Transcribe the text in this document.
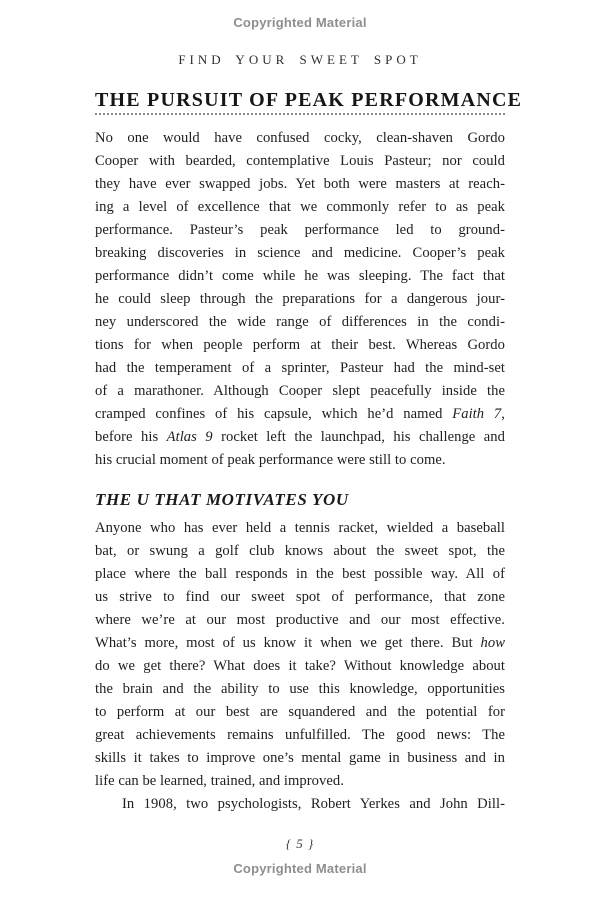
Copyrighted Material
FIND YOUR SWEET SPOT
THE PURSUIT OF PEAK PERFORMANCE
No one would have confused cocky, clean-shaven Gordo
Cooper with bearded, contemplative Louis Pasteur; nor could
they have ever swapped jobs. Yet both were masters at reach-
ing a level of excellence that we commonly refer to as peak
performance. Pasteur’s peak performance led to ground-
breaking discoveries in science and medicine. Cooper’s peak
performance didn’t come while he was sleeping. The fact that
he could sleep through the preparations for a dangerous jour-
ney underscored the wide range of differences in the condi-
tions for when people perform at their best. Whereas Gordo
had the temperament of a sprinter, Pasteur had the mind-set
of a marathoner. Although Cooper slept peacefully inside the
cramped confines of his capsule, which he’d named Faith 7,
before his Atlas 9 rocket left the launchpad, his challenge and
his crucial moment of peak performance were still to come.
THE U THAT MOTIVATES YOU
Anyone who has ever held a tennis racket, wielded a baseball
bat, or swung a golf club knows about the sweet spot, the
place where the ball responds in the best possible way. All of
us strive to find our sweet spot of performance, that zone
where we’re at our most productive and our most effective.
What’s more, most of us know it when we get there. But how
do we get there? What does it take? Without knowledge about
the brain and the ability to use this knowledge, opportunities
to perform at our best are squandered and the potential for
great achievements remains unfulfilled. The good news: The
skills it takes to improve one’s mental game in business and in
life can be learned, trained, and improved.
In 1908, two psychologists, Robert Yerkes and John Dill-
{ 5 }
Copyrighted Material
